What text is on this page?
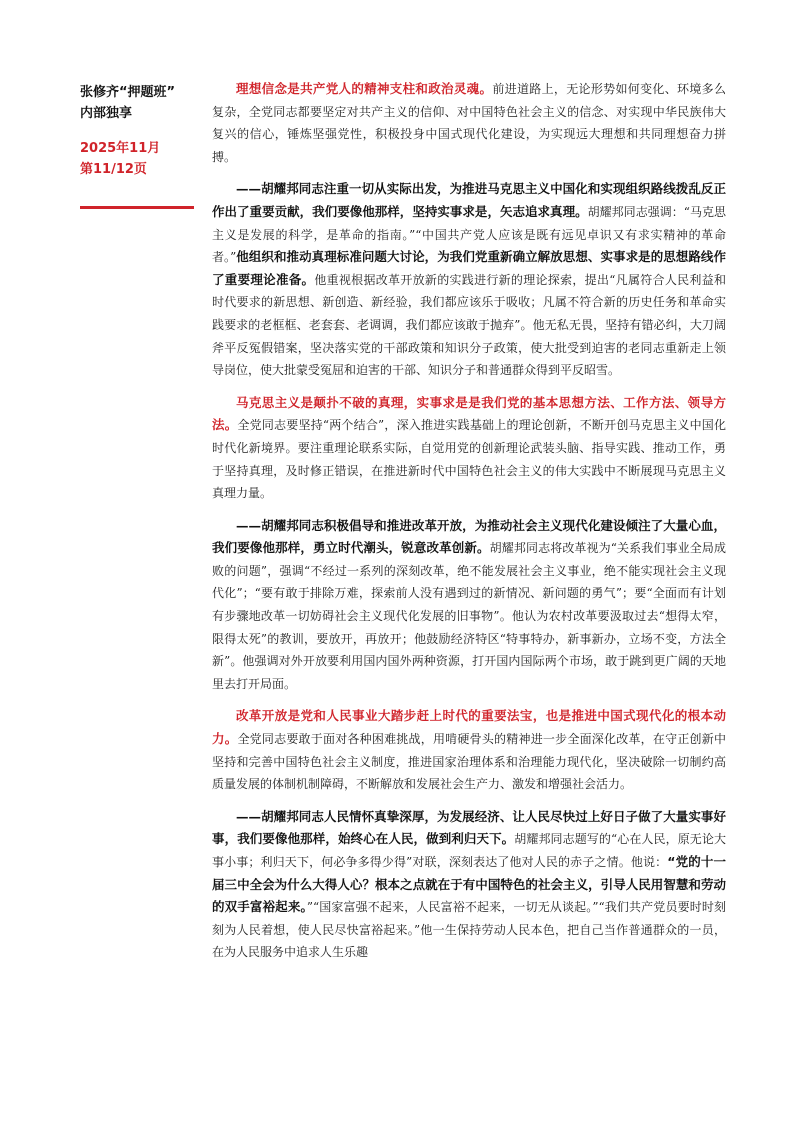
张修齐“押题班”
内部独享
2025年11月
第11/12页

理想信念是共产党人的精神支柱和政治灵魂。前进道路上，无论形势如何变化、环境多么复杂，全党同志都要坚定对共产主义的信仰、对中国特色社会主义的信念、对实现中华民族伟大复兴的信心，锤炼坚强党性，积极投身中国式现代化建设，为实现远大理想和共同理想奋力拼搏。

——胡耀邦同志注重一切从实际出发，为推进马克思主义中国化和实现组织路线拨乱反正作出了重要贡献，我们要像他那样，坚持实事求是，矢志追求真理。胡耀邦同志强调：“马克思主义是发展的科学，是革命的指南。”“中国共产党人应该是既有远见卓识又有求实精神的革命者。”他组织和推动真理标准问题大讨论，为我们党重新确立解放思想、实事求是的思想路线作了重要理论准备。他重视根据改革开放新的实践进行新的理论探索，提出“凡属符合人民利益和时代要求的新思想、新创造、新经验，我们都应该乐于吸收；凡属不符合新的历史任务和革命实践要求的老框框、老套套、老调调，我们都应该敢于抛弃”。他无私无畏，坚持有错必纠，大刀阔斧平反冤假错案，坚决落实党的干部政策和知识分子政策，使大批受到迫害的老同志重新走上领导岗位，使大批蒙受冤屈和迫害的干部、知识分子和普通群众得到平反昭雪。

马克思主义是颠扑不破的真理，实事求是是我们党的基本思想方法、工作方法、领导方法。全党同志要坚持“两个结合”，深入推进实践基础上的理论创新，不断开创马克思主义中国化时代化新境界。要注重理论联系实际，自觉用党的创新理论武装头脑、指导实践、推动工作，勇于坚持真理，及时修正错误，在推进新时代中国特色社会主义的伟大实践中不断展现马克思主义真理力量。

——胡耀邦同志积极倡导和推进改革开放，为推动社会主义现代化建设倾注了大量心血，我们要像他那样，勇立时代潮头，锐意改革创新。胡耀邦同志将改革视为“关系我们事业全局成败的问题”，强调“不经过一系列的深刻改革，绝不能发展社会主义事业，绝不能实现社会主义现代化”；“要有敢于排除万难，探索前人没有遇到过的新情况、新问题的勇气”；要“全面而有计划有步骤地改革一切妨碍社会主义现代化发展的旧事物”。他认为农村改革要汲取过去“想得太窄，限得太死”的教训，要放开，再放开；他鼓励经济特区“特事特办，新事新办，立场不变，方法全新”。他强调对外开放要利用国内国外两种资源，打开国内国际两个市场，敢于跳到更广阔的天地里去打开局面。

改革开放是党和人民事业大踏步赶上时代的重要法宝，也是推进中国式现代化的根本动力。全党同志要敢于面对各种困难挑战，用啃硬骨头的精神进一步全面深化改革，在守正创新中坚持和完善中国特色社会主义制度，推进国家治理体系和治理能力现代化，坚决破除一切制约高质量发展的体制机制障碍，不断解放和发展社会生产力、激发和增强社会活力。

——胡耀邦同志人民情怀真挚深厚，为发展经济、让人民尽快过上好日子做了大量实事好事，我们要像他那样，始终心在人民，做到利归天下。胡耀邦同志题写的“心在人民，原无论大事小事；利归天下，何必争多得少得”对联，深刻表达了他对人民的赤子之情。他说：“党的十一届三中全会为什么大得人心？根本之点就在于有中国特色的社会主义，引导人民用智慧和劳动的双手富裕起来。”“国家富强不起来，人民富裕不起来，一切无从谈起。”“我们共产党员要时时刻刻为人民着想，使人民尽快富裕起来。”他一生保持劳动人民本色，把自己当作普通群众的一员，在为人民服务中追求人生乐趣
